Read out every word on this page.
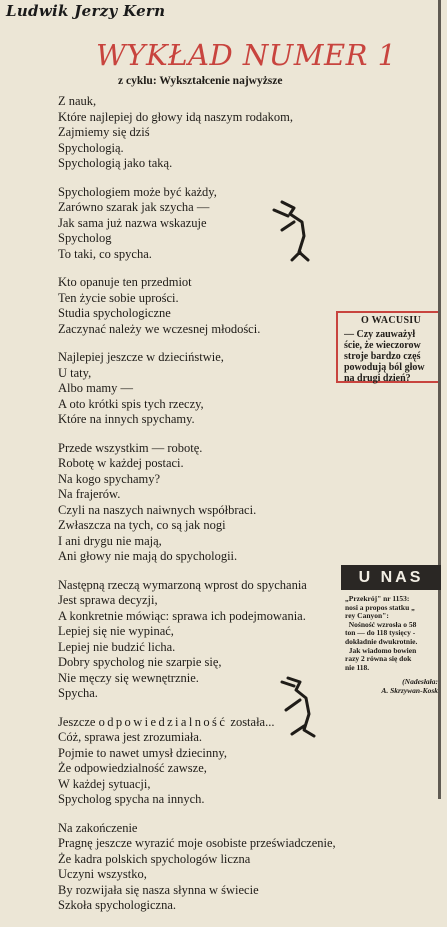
Ludwik Jerzy Kern
WYKŁAD NUMER 1
z cyklu: Wykształcenie najwyższe
Z nauk,
Które najlepiej do głowy idą naszym rodakom,
Zajmiemy się dziś
Spychologią.
Spychologią jako taką.
Spychologiem może być każdy,
Zarówno szarak jak szycha —
Jak sama już nazwa wskazuje
Spycholog
To taki, co spycha.
Kto opanuje ten przedmiot
Ten życie sobie uprości.
Studia spychologiczne
Zaczynać należy we wczesnej młodości.
Najlepiej jeszcze w dzieciństwie,
U taty,
Albo mamy —
A oto krótki spis tych rzeczy,
Które na innych spychamy.
Przede wszystkim — robotę.
Robotę w każdej postaci.
Na kogo spychamy?
Na frajerów.
Czyli na naszych naiwnych współbraci.
Zwłaszcza na tych, co są jak nogi
I ani drygu nie mają,
Ani głowy nie mają do spychologii.
Następną rzeczą wymarzoną wprost do spychania
Jest sprawa decyzji,
A konkretnie mówiąc: sprawa ich podejmowania.
Lepiej się nie wypinać,
Lepiej nie budzić licha.
Dobry spycholog nie szarpie się,
Nie męczy się wewnętrznie.
Spycha.
Jeszcze odpowiedzialność została...
Cóż, sprawa jest zrozumiała.
Pojmie to nawet umysł dziecinny,
Że odpowiedzialność zawsze,
W każdej sytuacji,
Spycholog spycha na innych.
Na zakończenie
Pragnę jeszcze wyrazić moje osobiste przeświadczenie,
Że kadra polskich spychologów liczna
Uczyni wszystko,
By rozwijała się nasza słynna w świecie
Szkoła spychologiczna.
O WACUSIU
— Czy zauważył
ście, że wieczorow
stroje bardzo częś
powodują ból głow
na drugi dzień?
U NAS
„Przekrój" nr 1153:
nosi a propos statku „
rey Canyon":
Nośność wzrosła o 58
ton — do 118 tysięcy -
dokładnie dwukrotnie.
Jak wiadomo bowien
razy 2 równa się dok
nie 118.
(Nadesłała:
A. Skrzywan-Kosk
